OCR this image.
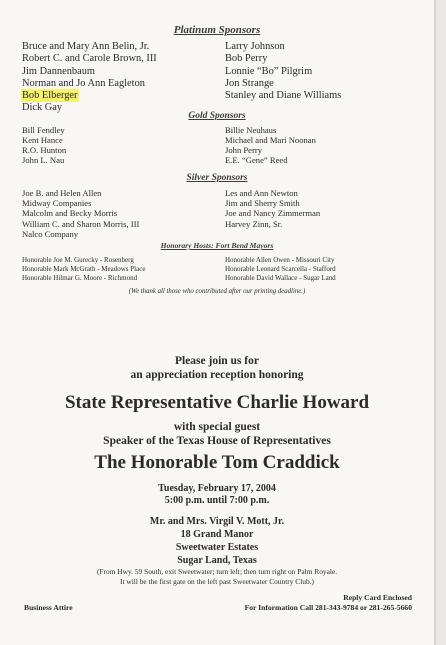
Platinum Sponsors
Bruce and Mary Ann Belin, Jr.
Robert C. and Carole Brown, III
Jim Dannenbaum
Norman and Jo Ann Eagleton
Bob Elberger
Dick Gay
Larry Johnson
Bob Perry
Lonnie “Bo” Pilgrim
Jon Strange
Stanley and Diane Williams
Gold Sponsors
Bill Fendley
Kent Hance
R.O. Hunton
John L. Nau
Billie Neuhaus
Michael and Mari Noonan
John Perry
E.E. “Gene” Reed
Silver Sponsors
Joe B. and Helen Allen
Midway Companies
Malcolm and Becky Morris
William C. and Sharon Morris, III
Nalco Company
Les and Ann Newton
Jim and Sherry Smith
Joe and Nancy Zimmerman
Harvey Zinn, Sr.
Honorary Hosts: Fort Bend Mayors
Honorable Joe M. Gurecky - Rosenberg
Honorable Mark McGrath - Meadows Place
Honorable Hilmar G. Moore - Richmond
Honorable Allen Owen - Missouri City
Honorable Leonard Scarcella - Stafford
Honorable David Wallace - Sugar Land
(We thank all those who contributed after our printing deadline.)
Please join us for
an appreciation reception honoring
State Representative Charlie Howard
with special guest
Speaker of the Texas House of Representatives
The Honorable Tom Craddick
Tuesday, February 17, 2004
5:00 p.m. until 7:00 p.m.
Mr. and Mrs. Virgil V. Mott, Jr.
18 Grand Manor
Sweetwater Estates
Sugar Land, Texas
(From Hwy. 59 South, exit Sweetwater; turn left; then turn right on Palm Royale.
It will be the first gate on the left past Sweetwater Country Club.)
Business Attire
Reply Card Enclosed
For Information Call 281-343-9784 or 281-265-5660
